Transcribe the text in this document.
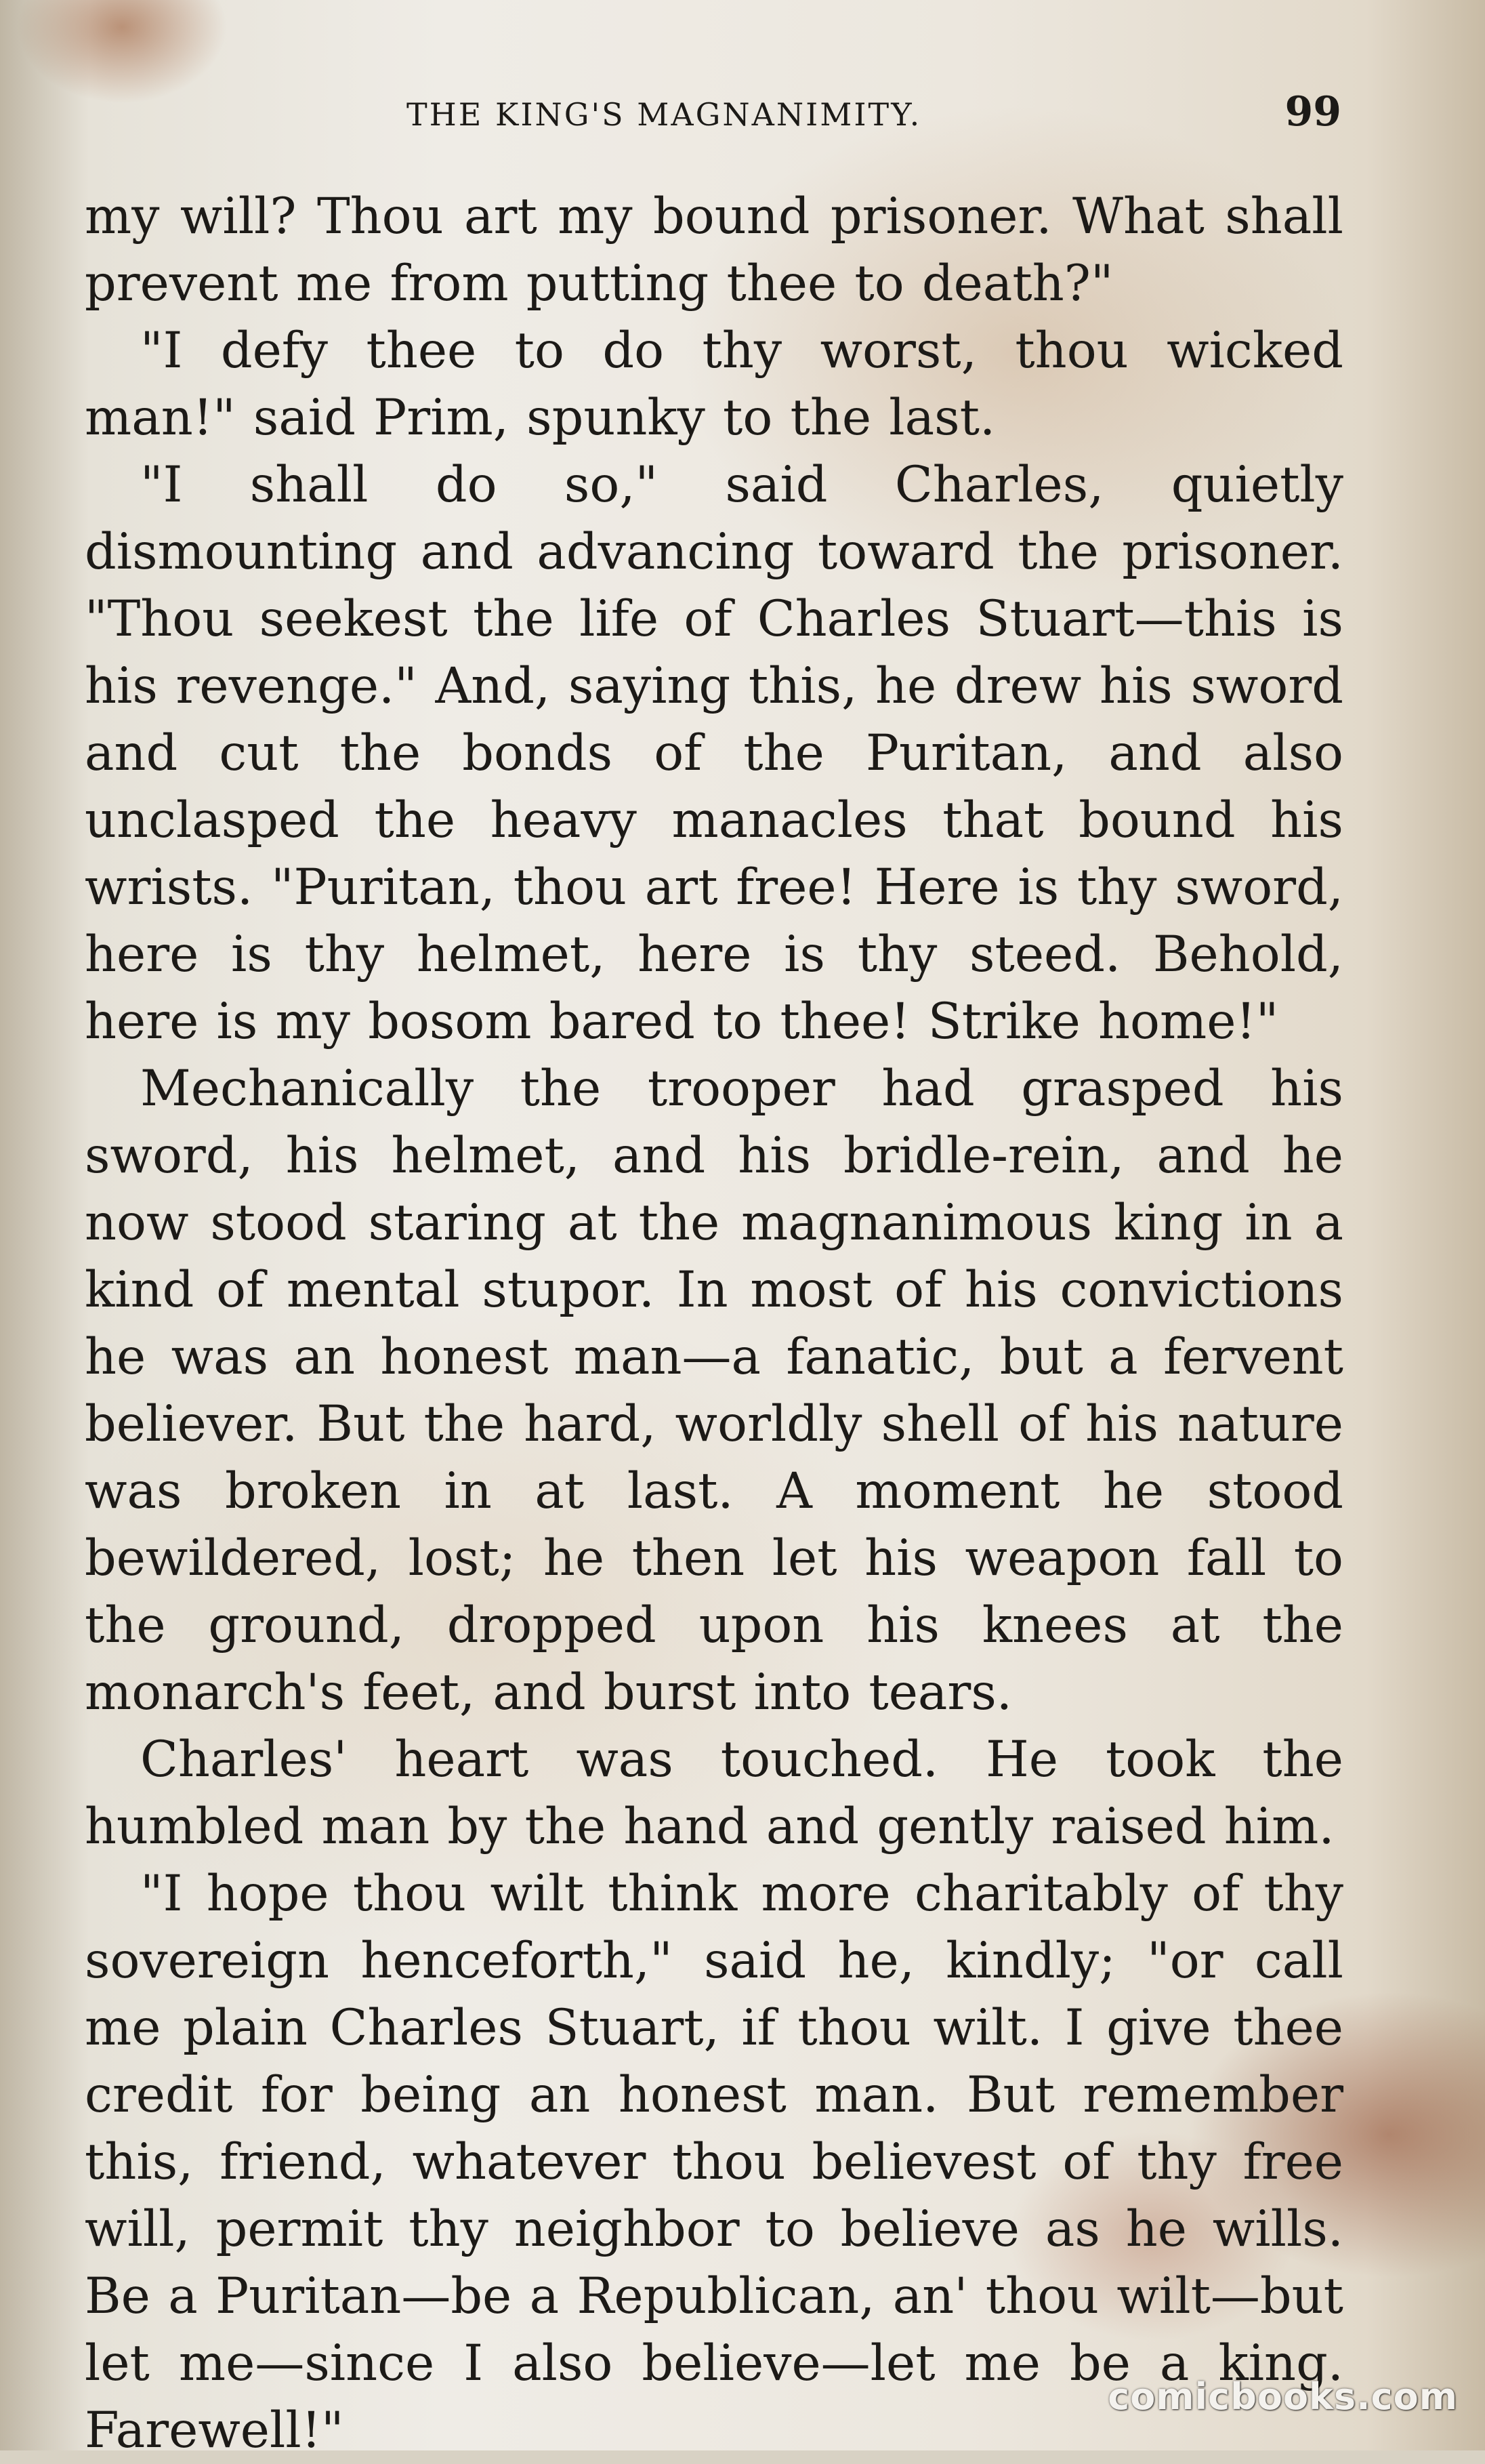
THE KING'S MAGNANIMITY.	99

my will? Thou art my bound prisoner. What shall prevent me from putting thee to death?"

"I defy thee to do thy worst, thou wicked man!" said Prim, spunky to the last.

"I shall do so," said Charles, quietly dismounting and advancing toward the prisoner. "Thou seekest the life of Charles Stuart—this is his revenge." And, saying this, he drew his sword and cut the bonds of the Puritan, and also unclasped the heavy manacles that bound his wrists. "Puritan, thou art free! Here is thy sword, here is thy helmet, here is thy steed. Behold, here is my bosom bared to thee! Strike home!"

Mechanically the trooper had grasped his sword, his helmet, and his bridle-rein, and he now stood staring at the magnanimous king in a kind of mental stupor. In most of his convictions he was an honest man—a fanatic, but a fervent believer. But the hard, worldly shell of his nature was broken in at last. A moment he stood bewildered, lost; he then let his weapon fall to the ground, dropped upon his knees at the monarch's feet, and burst into tears.

Charles' heart was touched. He took the humbled man by the hand and gently raised him.

"I hope thou wilt think more charitably of thy sovereign henceforth," said he, kindly; "or call me plain Charles Stuart, if thou wilt. I give thee credit for being an honest man. But remember this, friend, whatever thou believest of thy free will, permit thy neighbor to believe as he wills. Be a Puritan—be a Republican, an' thou wilt—but let me—since I also believe—let me be a king. Farewell!"

comicbooks.com
